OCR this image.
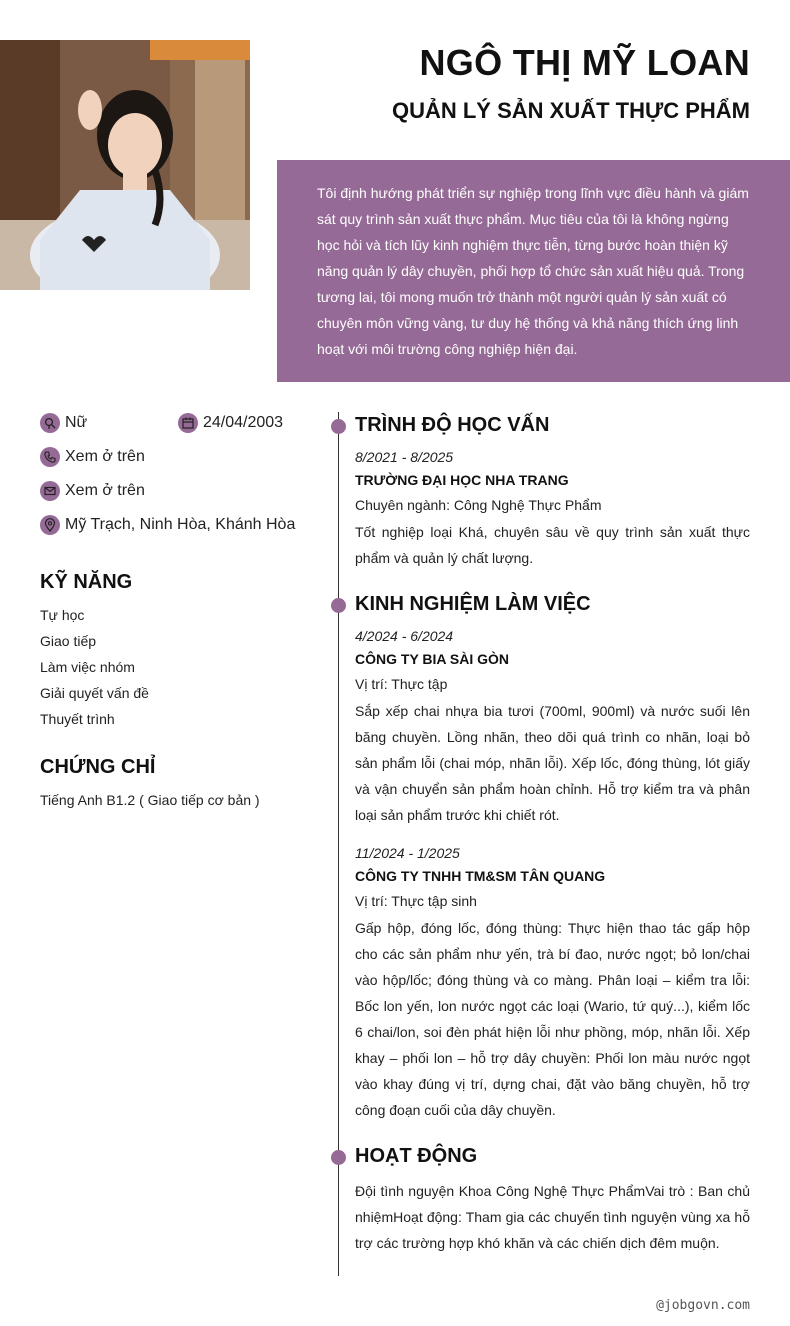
NGÔ THỊ MỸ LOAN
QUẢN LÝ SẢN XUẤT THỰC PHẨM
Tôi định hướng phát triển sự nghiệp trong lĩnh vực điều hành và giám sát quy trình sản xuất thực phẩm. Mục tiêu của tôi là không ngừng học hỏi và tích lũy kinh nghiệm thực tiễn, từng bước hoàn thiện kỹ năng quản lý dây chuyền, phối hợp tổ chức sản xuất hiệu quả. Trong tương lai, tôi mong muốn trở thành một người quản lý sản xuất có chuyên môn vững vàng, tư duy hệ thống và khả năng thích ứng linh hoạt với môi trường công nghiệp hiện đại.
Nữ	24/04/2003
Xem ở trên
Xem ở trên
Mỹ Trạch, Ninh Hòa, Khánh Hòa
KỸ NĂNG
Tự học
Giao tiếp
Làm việc nhóm
Giải quyết vấn đề
Thuyết trình
CHỨNG CHỈ
Tiếng Anh B1.2 ( Giao tiếp cơ bản )
TRÌNH ĐỘ HỌC VẤN
8/2021 - 8/2025
TRƯỜNG ĐẠI HỌC NHA TRANG
Chuyên ngành: Công Nghệ Thực Phẩm
Tốt nghiệp loại Khá, chuyên sâu về quy trình sản xuất thực phẩm và quản lý chất lượng.
KINH NGHIỆM LÀM VIỆC
4/2024 - 6/2024
CÔNG TY BIA SÀI GÒN
Vị trí: Thực tập
Sắp xếp chai nhựa bia tươi (700ml, 900ml) và nước suối lên băng chuyền. Lồng nhãn, theo dõi quá trình co nhãn, loại bỏ sản phẩm lỗi (chai móp, nhãn lỗi). Xếp lốc, đóng thùng, lót giấy và vận chuyển sản phẩm hoàn chỉnh. Hỗ trợ kiểm tra và phân loại sản phẩm trước khi chiết rót.
11/2024 - 1/2025
CÔNG TY TNHH TM&SM TÂN QUANG
Vị trí: Thực tập sinh
Gấp hộp, đóng lốc, đóng thùng: Thực hiện thao tác gấp hộp cho các sản phẩm như yến, trà bí đao, nước ngọt; bỏ lon/chai vào hộp/lốc; đóng thùng và co màng. Phân loại – kiểm tra lỗi: Bốc lon yến, lon nước ngọt các loại (Wario, tứ quý...), kiểm lốc 6 chai/lon, soi đèn phát hiện lỗi như phồng, móp, nhãn lỗi. Xếp khay – phối lon – hỗ trợ dây chuyền: Phối lon màu nước ngọt vào khay đúng vị trí, dựng chai, đặt vào băng chuyền, hỗ trợ công đoạn cuối của dây chuyền.
HOẠT ĐỘNG
Đội tình nguyện Khoa Công Nghệ Thực PhẩmVai trò : Ban chủ nhiệmHoạt động: Tham gia các chuyến tình nguyện vùng xa hỗ trợ các trường hợp khó khăn và các chiến dịch đêm muộn.
@jobgovn.com
